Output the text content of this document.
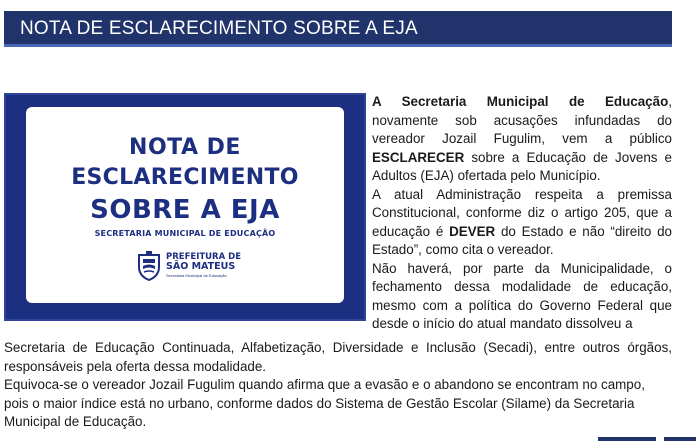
NOTA DE ESCLARECIMENTO SOBRE A EJA
NOTA DE
ESCLARECIMENTO
SOBRE A EJA
SECRETARIA MUNICIPAL DE EDUCAÇÃO
PREFEITURA DE
SÃO MATEUS
Secretaria Municipal de Educação

A Secretaria Municipal de Educação, novamente sob acusações infundadas do vereador Jozail Fugulim, vem a público ESCLARECER sobre a Educação de Jovens e Adultos (EJA) ofertada pelo Município.

A atual Administração respeita a premissa Constitucional, conforme diz o artigo 205, que a educação é DEVER do Estado e não “direito do Estado”, como cita o vereador.

Não haverá, por parte da Municipalidade, o fechamento dessa modalidade de educação, mesmo com a política do Governo Federal que desde o início do atual mandato dissolveu a

Secretaria de Educação Continuada, Alfabetização, Diversidade e Inclusão (Secadi), entre outros órgãos, responsáveis pela oferta dessa modalidade.

Equivoca-se o vereador Jozail Fugulim quando afirma que a evasão e o abandono se encontram no campo, pois o maior índice está no urbano, conforme dados do Sistema de Gestão Escolar (Silame) da Secretaria Municipal de Educação.
